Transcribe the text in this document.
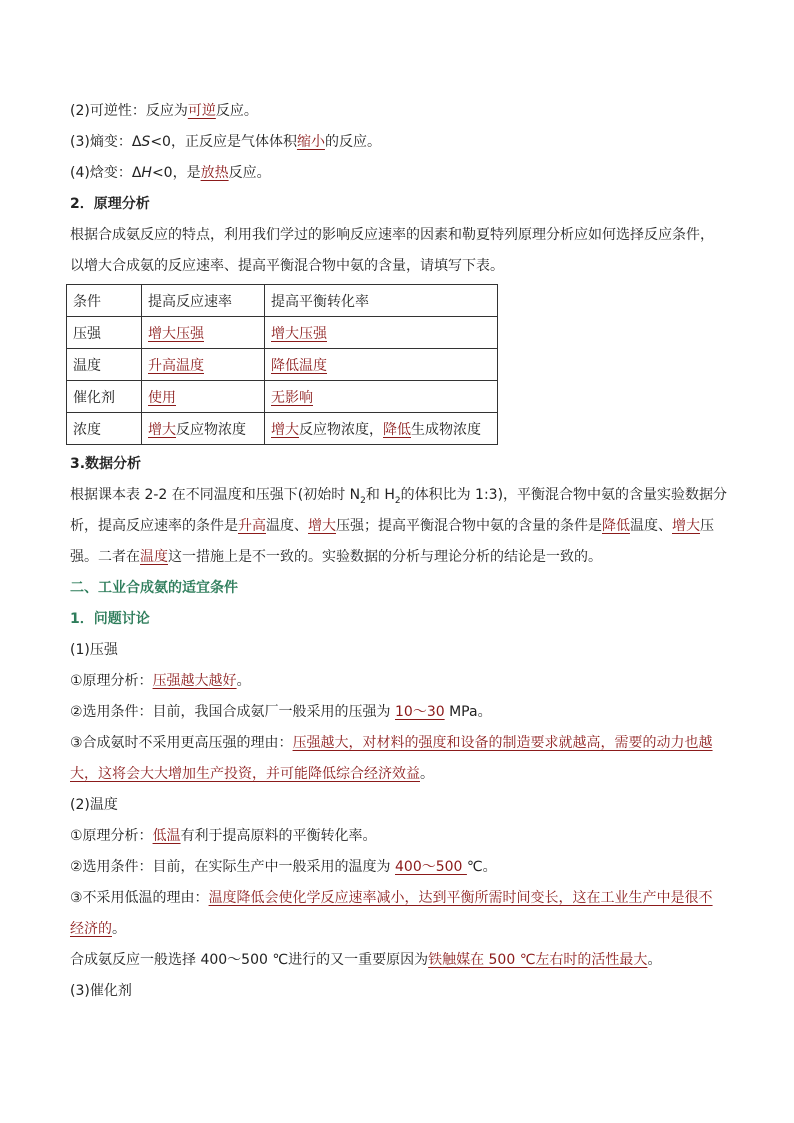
(2)可逆性：反应为可逆反应。
(3)熵变：ΔS<0，正反应是气体体积缩小的反应。
(4)焓变：ΔH<0，是放热反应。
2．原理分析
根据合成氨反应的特点，利用我们学过的影响反应速率的因素和勒夏特列原理分析应如何选择反应条件，
以增大合成氨的反应速率、提高平衡混合物中氨的含量，请填写下表。
条件	提高反应速率	提高平衡转化率
压强	增大压强	增大压强
温度	升高温度	降低温度
催化剂	使用	无影响
浓度	增大反应物浓度	增大反应物浓度，降低生成物浓度
3.数据分析
根据课本表 2-2 在不同温度和压强下(初始时 $N_2$和 $H_2$的体积比为 1:3)，平衡混合物中氨的含量实验数据分
析，提高反应速率的条件是升高温度、增大压强；提高平衡混合物中氨的含量的条件是降低温度、增大压
强。二者在温度这一措施上是不一致的。实验数据的分析与理论分析的结论是一致的。
二、工业合成氨的适宜条件
1．问题讨论
(1)压强
①原理分析：压强越大越好。
②选用条件：目前，我国合成氨厂一般采用的压强为 10～30 MPa。
③合成氨时不采用更高压强的理由：压强越大，对材料的强度和设备的制造要求就越高，需要的动力也越
大，这将会大大增加生产投资，并可能降低综合经济效益。
(2)温度
①原理分析：低温有利于提高原料的平衡转化率。
②选用条件：目前，在实际生产中一般采用的温度为 400～500 ℃。
③不采用低温的理由：温度降低会使化学反应速率减小，达到平衡所需时间变长，这在工业生产中是很不
经济的。
合成氨反应一般选择 400～500 ℃进行的又一重要原因为铁触媒在 500 ℃左右时的活性最大。
(3)催化剂
